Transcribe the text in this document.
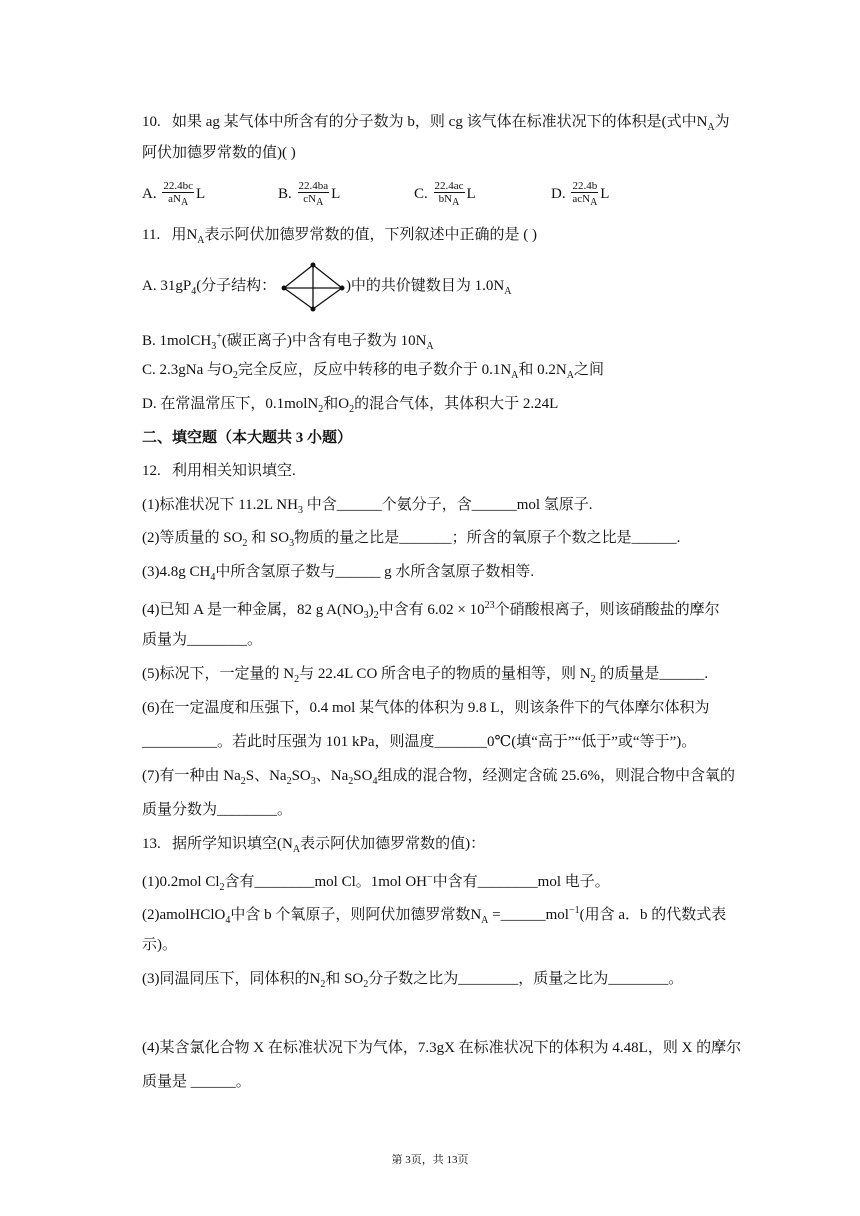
10. 如果 ag 某气体中所含有的分子数为 b，则 cg 该气体在标准状况下的体积是(式中$N_A$为
阿伏加德罗常数的值)( )
A. $\frac{22.4bc}{aN_A}$ L	B. $\frac{22.4ba}{cN_A}$ L	C. $\frac{22.4ac}{bN_A}$ L	D. $\frac{22.4b}{acN_A}$ L
11. 用$N_A$表示阿伏加德罗常数的值，下列叙述中正确的是 ( )
A. $31gP_4$(分子结构：	)中的共价键数目为 $1.0N_A$
B. 1molCH$_3$+(碳正离子)中含有电子数为 $10N_A$
C. 2.3gNa 与$O_2$完全反应，反应中转移的电子数介于 $0.1N_A$和 $0.2N_A$之间
D. 在常温常压下，0.1molN$_2$和$O_2$的混合气体，其体积大于 2.24L
二、填空题（本大题共 3 小题）
12. 利用相关知识填空.
(1)标准状况下 11.2L $NH_3$ 中含______个氨分子，含______mol 氢原子.
(2)等质量的 $SO_2$ 和 $SO_3$物质的量之比是_______；所含的氧原子个数之比是______.
(3)4.8g $CH_4$中所含氢原子数与______ g 水所含氢原子数相等.
(4)已知 A 是一种金属，82 g $A(NO_3)_2$中含有 $6.02 \times 10^{23}$个硝酸根离子，则该硝酸盐的摩尔
质量为________。
(5)标况下，一定量的 $N_2$与 22.4L CO 所含电子的物质的量相等，则 $N_2$ 的质量是______.
(6)在一定温度和压强下，0.4 mol 某气体的体积为 9.8 L，则该条件下的气体摩尔体积为
__________。若此时压强为 101 kPa，则温度_______0℃(填“高于”“低于”或“等于”)。
(7)有一种由 $Na_2S$、$Na_2SO_3$、$Na_2SO_4$组成的混合物，经测定含硫 25.6%，则混合物中含氧的
质量分数为________。
13. 据所学知识填空($N_A$表示阿伏加德罗常数的值)：
(1)0.2mol $Cl_2$含有________mol Cl。1mol OH−中含有________mol 电子。
(2)amolHClO$_4$中含 b 个氧原子，则阿伏加德罗常数$N_A$ =______mol$^{-1}$(用含 a．b 的代数式表
示)。
(3)同温同压下，同体积的$N_2$和 $SO_2$分子数之比为________，质量之比为________。
(4)某含氯化合物 X 在标准状况下为气体，7.3gX 在标准状况下的体积为 4.48L，则 X 的摩尔
质量是 ______。
第 3页，共 13页
